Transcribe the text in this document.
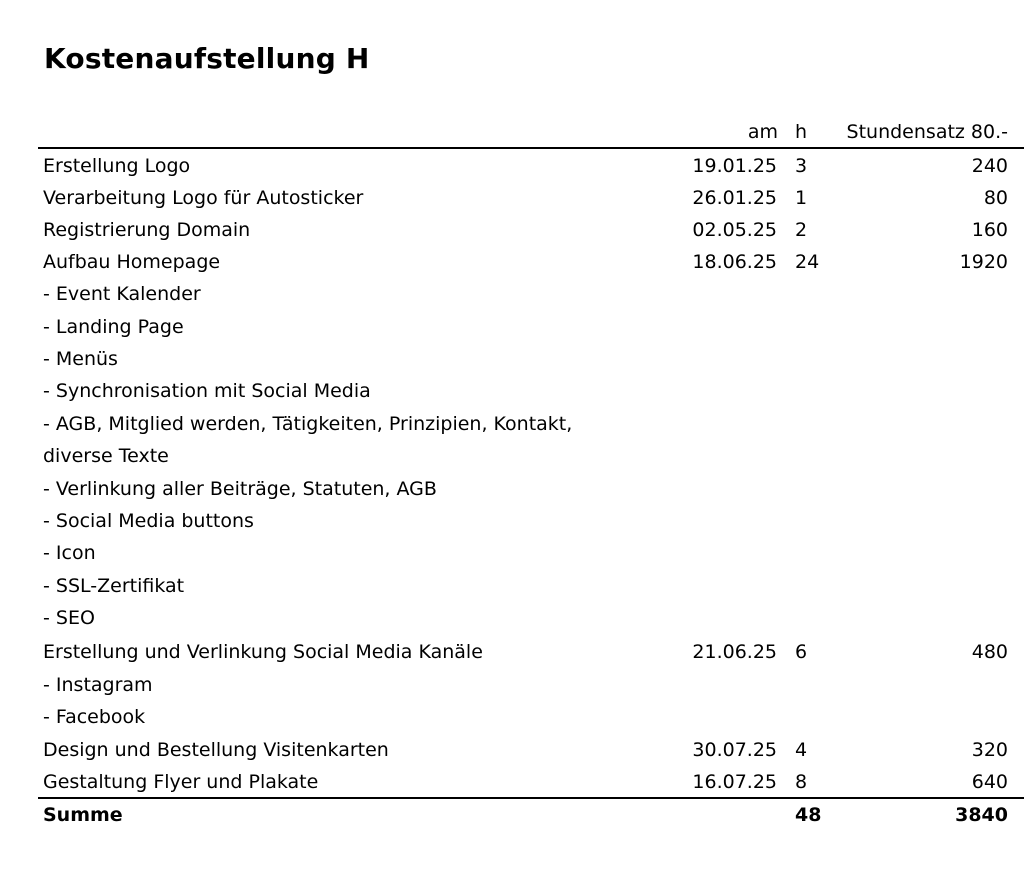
Kostenaufstellung H
am h	Stundensatz 80.-
Erstellung Logo	19.01.25 3	240
Verarbeitung Logo für Autosticker	26.01.25 1	80
Registrierung Domain	02.05.25 2	160
Aufbau Homepage	18.06.25 24	1920
- Event Kalender
- Landing Page
- Menüs
- Synchronisation mit Social Media
- AGB, Mitglied werden, Tätigkeiten, Prinzipien, Kontakt,
diverse Texte
- Verlinkung aller Beiträge, Statuten, AGB
- Social Media buttons
- Icon
- SSL-Zertifikat
- SEO
Erstellung und Verlinkung Social Media Kanäle	21.06.25 6	480
- Instagram
- Facebook
Design und Bestellung Visitenkarten	30.07.25 4	320
Gestaltung Flyer und Plakate	16.07.25 8	640
Summe	48	3840
